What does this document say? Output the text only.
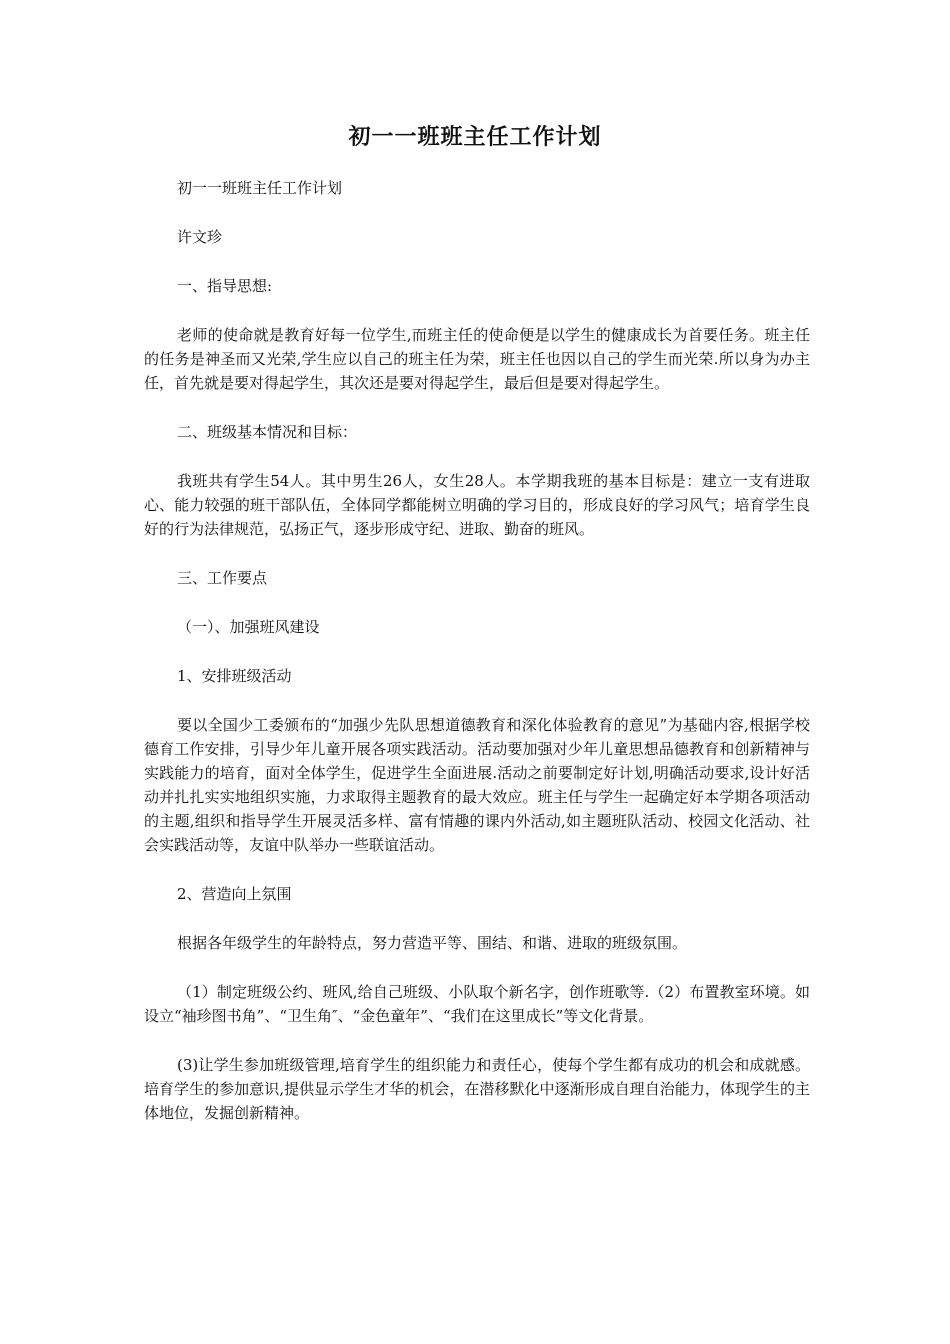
初一一班班主任工作计划

初一一班班主任工作计划

许文珍

一、指导思想:

老师的使命就是教育好每一位学生,而班主任的使命便是以学生的健康成长为首要任务。班主任的任务是神圣而又光荣,学生应以自己的班主任为荣，班主任也因以自己的学生而光荣.所以身为办主任，首先就是要对得起学生，其次还是要对得起学生，最后但是要对得起学生。

二、班级基本情况和目标：

我班共有学生54人。其中男生26人，女生28人。本学期我班的基本目标是：建立一支有进取心、能力较强的班干部队伍，全体同学都能树立明确的学习目的，形成良好的学习风气；培育学生良好的行为法律规范，弘扬正气，逐步形成守纪、进取、勤奋的班风。

三、工作要点

（一）、加强班风建设

1、安排班级活动

要以全国少工委颁布的“加强少先队思想道德教育和深化体验教育的意见”为基础内容,根据学校德育工作安排，引导少年儿童开展各项实践活动。活动要加强对少年儿童思想品德教育和创新精神与实践能力的培育，面对全体学生，促进学生全面进展.活动之前要制定好计划,明确活动要求,设计好活动并扎扎实实地组织实施，力求取得主题教育的最大效应。班主任与学生一起确定好本学期各项活动的主题,组织和指导学生开展灵活多样、富有情趣的课内外活动,如主题班队活动、校园文化活动、社会实践活动等，友谊中队举办一些联谊活动。

2、营造向上氛围

根据各年级学生的年龄特点，努力营造平等、围结、和谐、进取的班级氛围。

（1）制定班级公约、班风,给自己班级、小队取个新名字，创作班歌等.（2）布置教室环境。如设立“袖珍图书角”、“卫生角″、“金色童年”、“我们在这里成长”等文化背景。

(3)让学生参加班级管理,培育学生的组织能力和责任心，使每个学生都有成功的机会和成就感。培育学生的参加意识,提供显示学生才华的机会，在潜移默化中逐渐形成自理自治能力，体现学生的主体地位，发掘创新精神。
